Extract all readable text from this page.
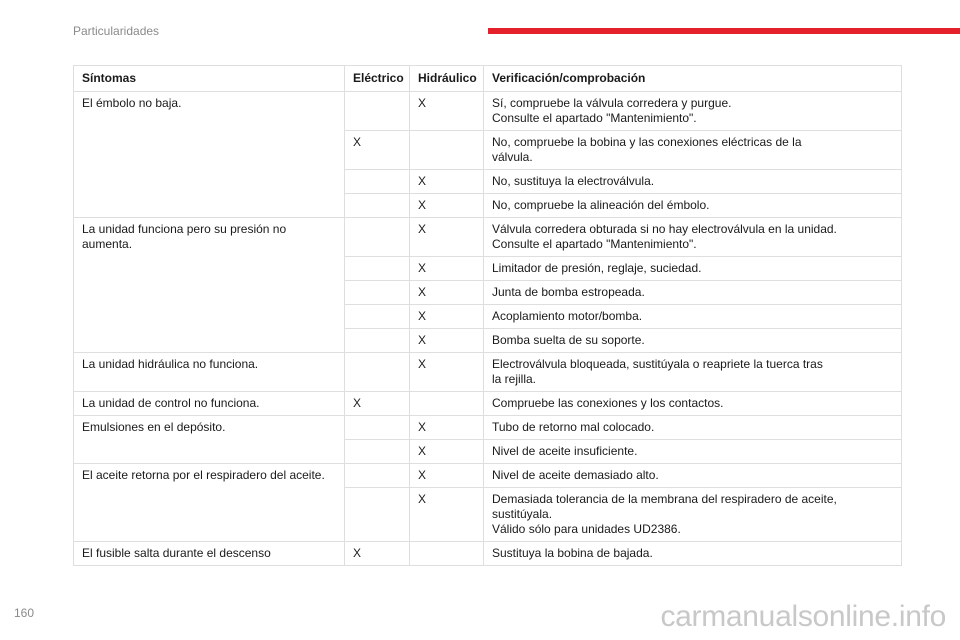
Particularidades
Síntomas	Eléctrico	Hidráulico	Verificación/comprobación
El émbolo no baja.		X	Sí, compruebe la válvula corredera y purgue.
Consulte el apartado "Mantenimiento".

	X		No, compruebe la bobina y las conexiones eléctricas de la
válvula.

		X	No, sustituya la electroválvula.

		X	No, compruebe la alineación del émbolo.

La unidad funciona pero su presión no aumenta.		X	Válvula corredera obturada si no hay electroválvula en la unidad.
Consulte el apartado "Mantenimiento".

		X	Limitador de presión, reglaje, suciedad.

		X	Junta de bomba estropeada.

		X	Acoplamiento motor/bomba.

		X	Bomba suelta de su soporte.

La unidad hidráulica no funciona.		X	Electroválvula bloqueada, sustitúyala o reapriete la tuerca tras
la rejilla.

La unidad de control no funciona.	X		Compruebe las conexiones y los contactos.

Emulsiones en el depósito.		X	Tubo de retorno mal colocado.

		X	Nivel de aceite insuficiente.

El aceite retorna por el respiradero del aceite.		X	Nivel de aceite demasiado alto.

		X	Demasiada tolerancia de la membrana del respiradero de aceite,
sustitúyala.
Válido sólo para unidades UD2386.

El fusible salta durante el descenso	X		Sustituya la bobina de bajada.
160	carmanualsonline.info
